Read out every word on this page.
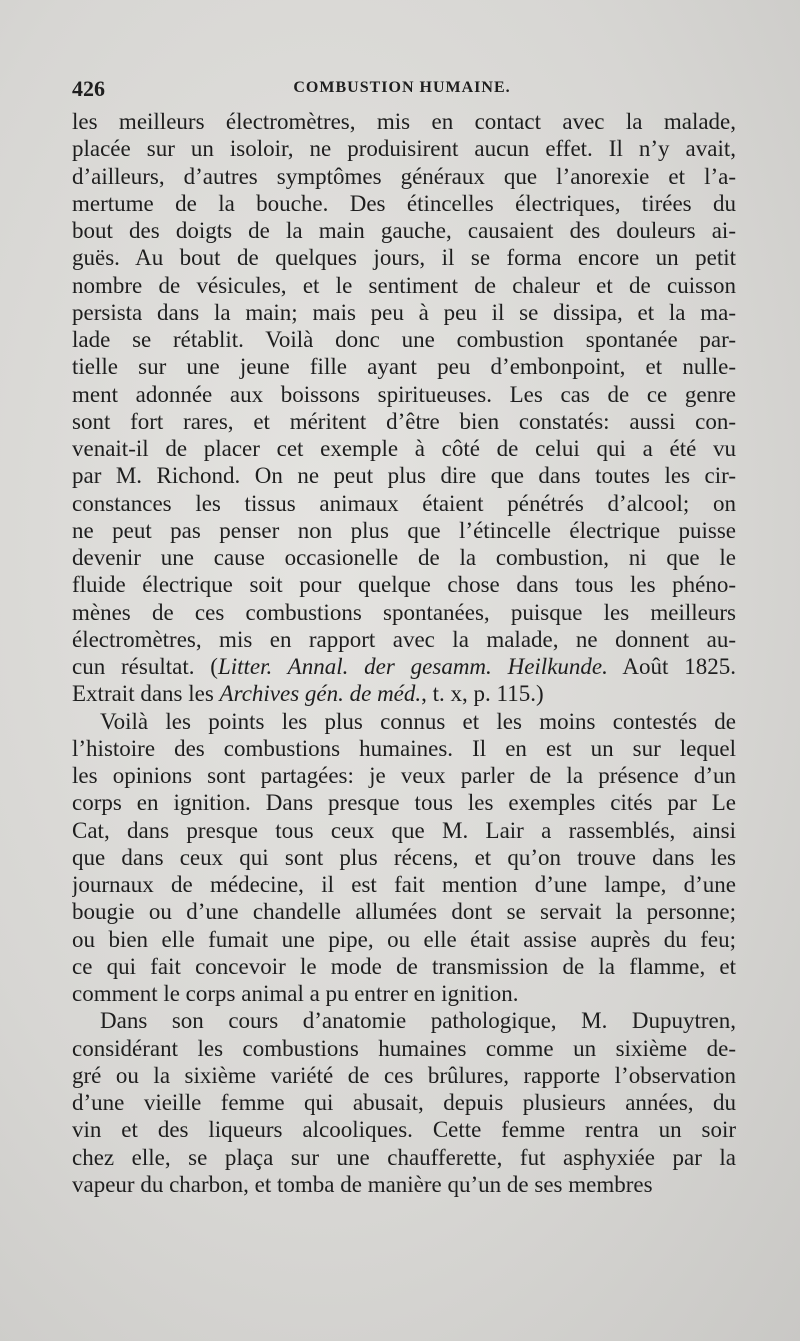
426	COMBUSTION HUMAINE.
les meilleurs électromètres, mis en contact avec la malade,
placée sur un isoloir, ne produisirent aucun effet. Il n’y avait,
d’ailleurs, d’autres symptômes généraux que l’anorexie et l’a-
mertume de la bouche. Des étincelles électriques, tirées du
bout des doigts de la main gauche, causaient des douleurs ai-
guës. Au bout de quelques jours, il se forma encore un petit
nombre de vésicules, et le sentiment de chaleur et de cuisson
persista dans la main; mais peu à peu il se dissipa, et la ma-
lade se rétablit. Voilà donc une combustion spontanée par-
tielle sur une jeune fille ayant peu d’embonpoint, et nulle-
ment adonnée aux boissons spiritueuses. Les cas de ce genre
sont fort rares, et méritent d’être bien constatés: aussi con-
venait-il de placer cet exemple à côté de celui qui a été vu
par M. Richond. On ne peut plus dire que dans toutes les cir-
constances les tissus animaux étaient pénétrés d’alcool; on
ne peut pas penser non plus que l’étincelle électrique puisse
devenir une cause occasionelle de la combustion, ni que le
fluide électrique soit pour quelque chose dans tous les phéno-
mènes de ces combustions spontanées, puisque les meilleurs
électromètres, mis en rapport avec la malade, ne donnent au-
cun résultat. (Litter. Annal. der gesamm. Heilkunde. Août 1825.
Extrait dans les Archives gén. de méd., t. x, p. 115.)
Voilà les points les plus connus et les moins contestés de
l’histoire des combustions humaines. Il en est un sur lequel
les opinions sont partagées: je veux parler de la présence d’un
corps en ignition. Dans presque tous les exemples cités par Le
Cat, dans presque tous ceux que M. Lair a rassemblés, ainsi
que dans ceux qui sont plus récens, et qu’on trouve dans les
journaux de médecine, il est fait mention d’une lampe, d’une
bougie ou d’une chandelle allumées dont se servait la personne;
ou bien elle fumait une pipe, ou elle était assise auprès du feu;
ce qui fait concevoir le mode de transmission de la flamme, et
comment le corps animal a pu entrer en ignition.
Dans son cours d’anatomie pathologique, M. Dupuytren,
considérant les combustions humaines comme un sixième de-
gré ou la sixième variété de ces brûlures, rapporte l’observation
d’une vieille femme qui abusait, depuis plusieurs années, du
vin et des liqueurs alcooliques. Cette femme rentra un soir
chez elle, se plaça sur une chaufferette, fut asphyxiée par la
vapeur du charbon, et tomba de manière qu’un de ses membres
